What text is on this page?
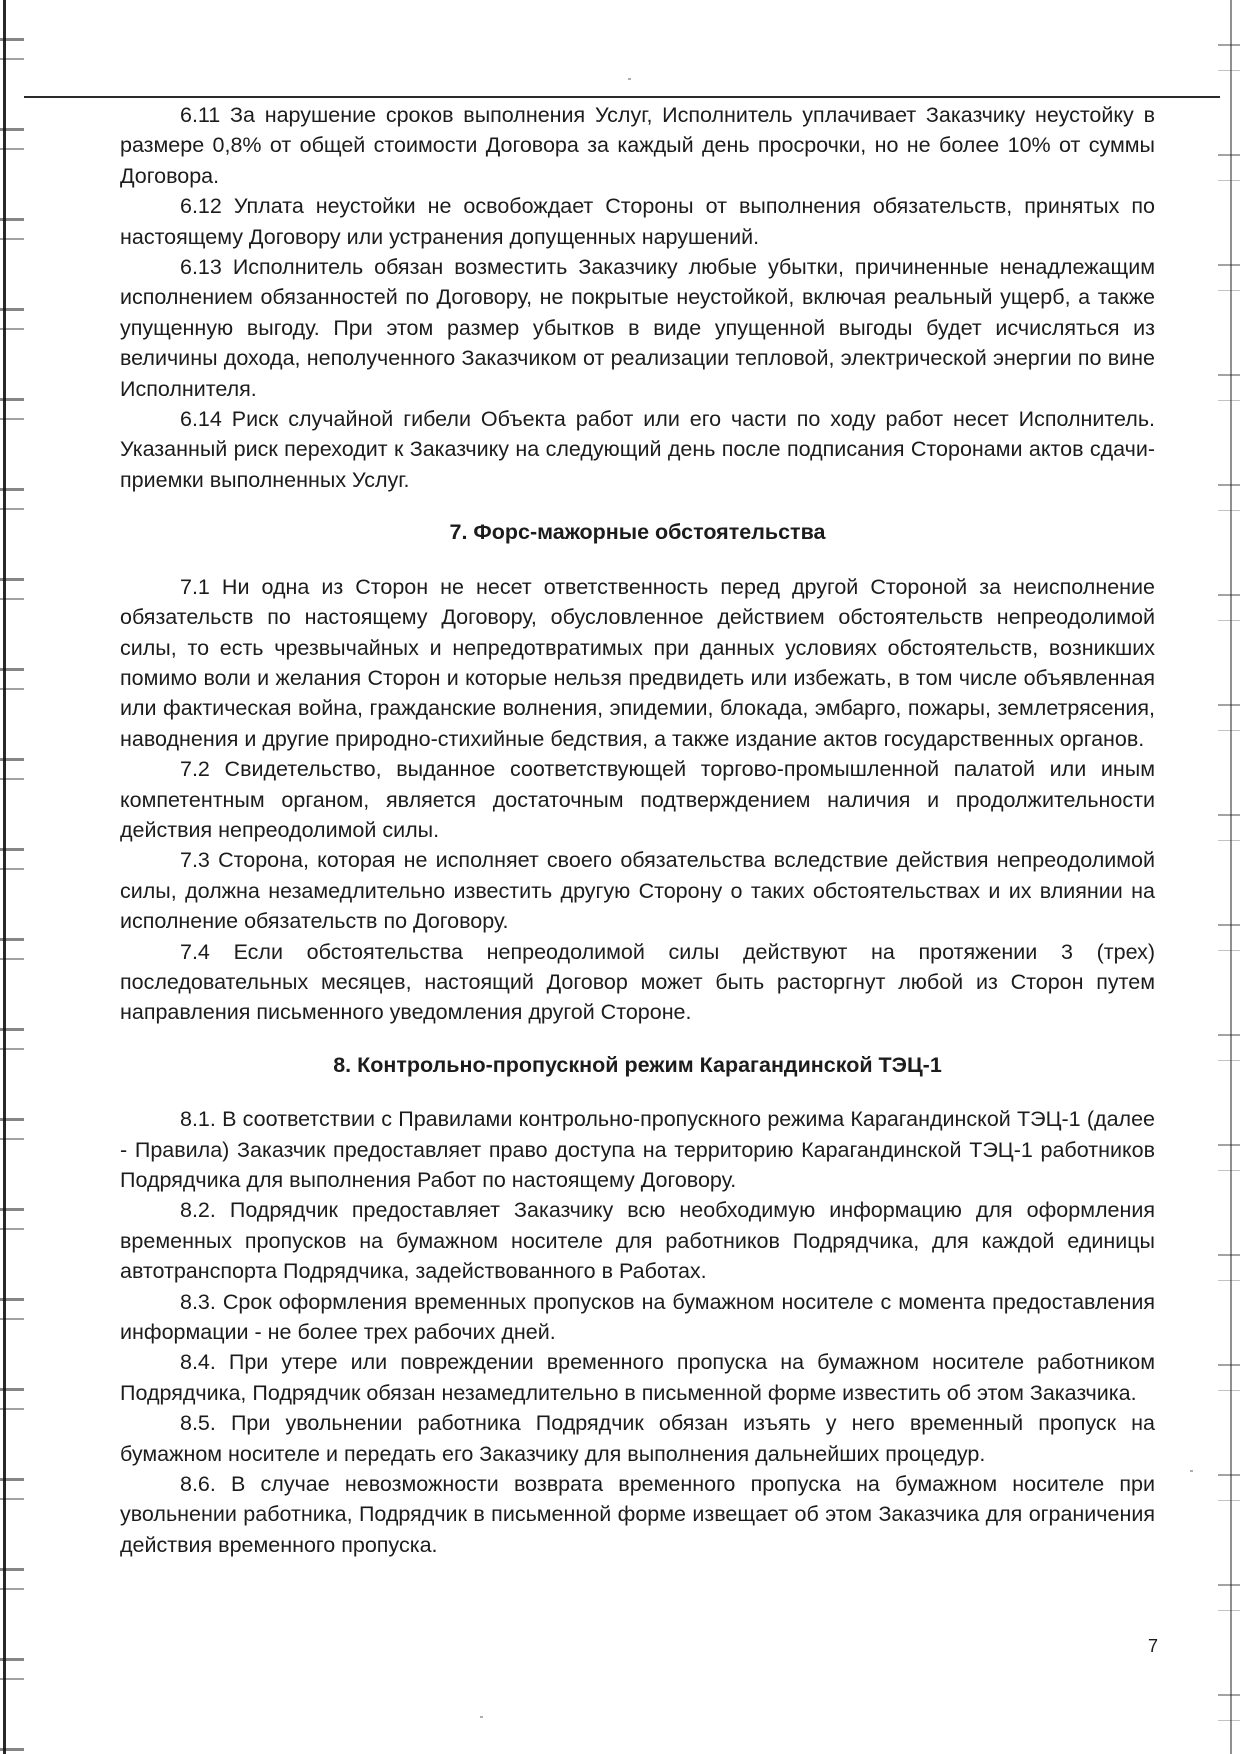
6.11 За нарушение сроков выполнения Услуг, Исполнитель уплачивает Заказчику неустойку в размере 0,8% от общей стоимости Договора за каждый день просрочки, но не более 10% от суммы Договора.

6.12 Уплата неустойки не освобождает Стороны от выполнения обязательств, принятых по настоящему Договору или устранения допущенных нарушений.

6.13 Исполнитель обязан возместить Заказчику любые убытки, причиненные ненадлежащим исполнением обязанностей по Договору, не покрытые неустойкой, включая реальный ущерб, а также упущенную выгоду. При этом размер убытков в виде упущенной выгоды будет исчисляться из величины дохода, неполученного Заказчиком от реализации тепловой, электрической энергии по вине Исполнителя.

6.14 Риск случайной гибели Объекта работ или его части по ходу работ несет Исполнитель. Указанный риск переходит к Заказчику на следующий день после подписания Сторонами актов сдачи-приемки выполненных Услуг.

7. Форс-мажорные обстоятельства

7.1 Ни одна из Сторон не несет ответственность перед другой Стороной за неисполнение обязательств по настоящему Договору, обусловленное действием обстоятельств непреодолимой силы, то есть чрезвычайных и непредотвратимых при данных условиях обстоятельств, возникших помимо воли и желания Сторон и которые нельзя предвидеть или избежать, в том числе объявленная или фактическая война, гражданские волнения, эпидемии, блокада, эмбарго, пожары, землетрясения, наводнения и другие природно-стихийные бедствия, а также издание актов государственных органов.

7.2 Свидетельство, выданное соответствующей торгово-промышленной палатой или иным компетентным органом, является достаточным подтверждением наличия и продолжительности действия непреодолимой силы.

7.3 Сторона, которая не исполняет своего обязательства вследствие действия непреодолимой силы, должна незамедлительно известить другую Сторону о таких обстоятельствах и их влиянии на исполнение обязательств по Договору.

7.4 Если обстоятельства непреодолимой силы действуют на протяжении 3 (трех) последовательных месяцев, настоящий Договор может быть расторгнут любой из Сторон путем направления письменного уведомления другой Стороне.

8. Контрольно-пропускной режим Карагандинской ТЭЦ-1

8.1. В соответствии с Правилами контрольно-пропускного режима Карагандинской ТЭЦ-1 (далее - Правила) Заказчик предоставляет право доступа на территорию Карагандинской ТЭЦ-1 работников Подрядчика для выполнения Работ по настоящему Договору.

8.2. Подрядчик предоставляет Заказчику всю необходимую информацию для оформления временных пропусков на бумажном носителе для работников Подрядчика, для каждой единицы автотранспорта Подрядчика, задействованного в Работах.

8.3. Срок оформления временных пропусков на бумажном носителе с момента предоставления информации - не более трех рабочих дней.

8.4. При утере или повреждении временного пропуска на бумажном носителе работником Подрядчика, Подрядчик обязан незамедлительно в письменной форме известить об этом Заказчика.

8.5. При увольнении работника Подрядчик обязан изъять у него временный пропуск на бумажном носителе и передать его Заказчику для выполнения дальнейших процедур.

8.6. В случае невозможности возврата временного пропуска на бумажном носителе при увольнении работника, Подрядчик в письменной форме извещает об этом Заказчика для ограничения действия временного пропуска.

7
